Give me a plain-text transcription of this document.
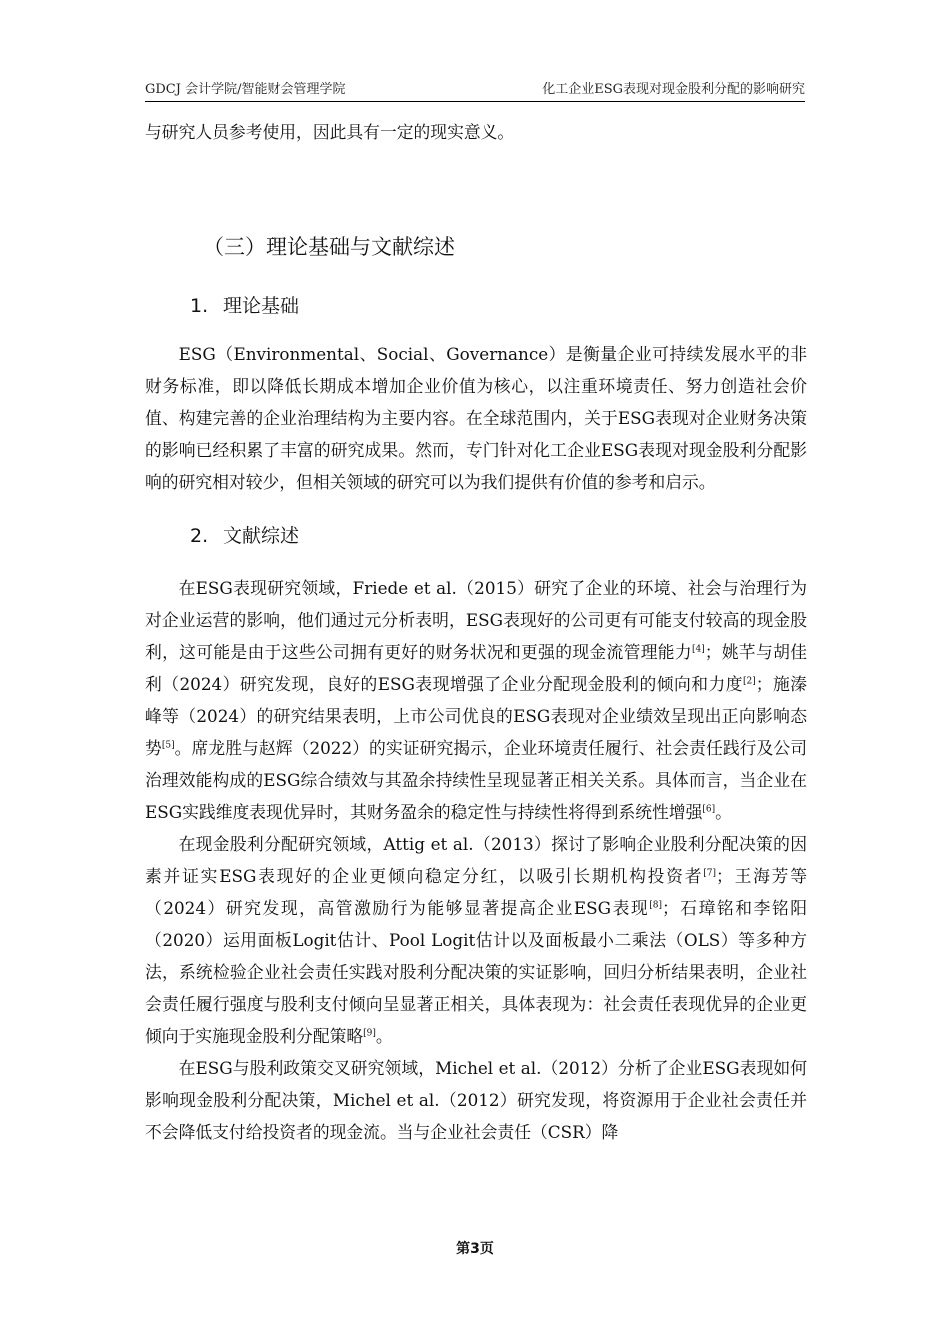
GDCJ 会计学院/智能财会管理学院	化工企业ESG表现对现金股利分配的影响研究

与研究人员参考使用，因此具有一定的现实意义。

（三）理论基础与文献综述
1. 理论基础

ESG（Environmental、Social、Governance）是衡量企业可持续发展水平的非财务标准，即以降低长期成本增加企业价值为核心，以注重环境责任、努力创造社会价值、构建完善的企业治理结构为主要内容。在全球范围内，关于ESG表现对企业财务决策的影响已经积累了丰富的研究成果。然而，专门针对化工企业ESG表现对现金股利分配影响的研究相对较少，但相关领域的研究可以为我们提供有价值的参考和启示。

2. 文献综述

在ESG表现研究领域，Friede et al.（2015）研究了企业的环境、社会与治理行为对企业运营的影响，他们通过元分析表明，ESG表现好的公司更有可能支付较高的现金股利，这可能是由于这些公司拥有更好的财务状况和更强的现金流管理能力[4]；姚芊与胡佳利（2024）研究发现，良好的ESG表现增强了企业分配现金股利的倾向和力度[2]；施溱峰等（2024）的研究结果表明，上市公司优良的ESG表现对企业绩效呈现出正向影响态势[5]。席龙胜与赵辉（2022）的实证研究揭示，企业环境责任履行、社会责任践行及公司治理效能构成的ESG综合绩效与其盈余持续性呈现显著正相关关系。具体而言，当企业在ESG实践维度表现优异时，其财务盈余的稳定性与持续性将得到系统性增强[6]。

在现金股利分配研究领域，Attig et al.（2013）探讨了影响企业股利分配决策的因素并证实ESG表现好的企业更倾向稳定分红，以吸引长期机构投资者[7]；王海芳等（2024）研究发现，高管激励行为能够显著提高企业ESG表现[8]；石璋铭和李铭阳（2020）运用面板Logit估计、Pool Logit估计以及面板最小二乘法（OLS）等多种方法，系统检验企业社会责任实践对股利分配决策的实证影响，回归分析结果表明，企业社会责任履行强度与股利支付倾向呈显著正相关，具体表现为：社会责任表现优异的企业更倾向于实施现金股利分配策略[9]。

在ESG与股利政策交叉研究领域，Michel et al.（2012）分析了企业ESG表现如何影响现金股利分配决策，Michel et al.（2012）研究发现，将资源用于企业社会责任并不会降低支付给投资者的现金流。当与企业社会责任（CSR）降

第3页
